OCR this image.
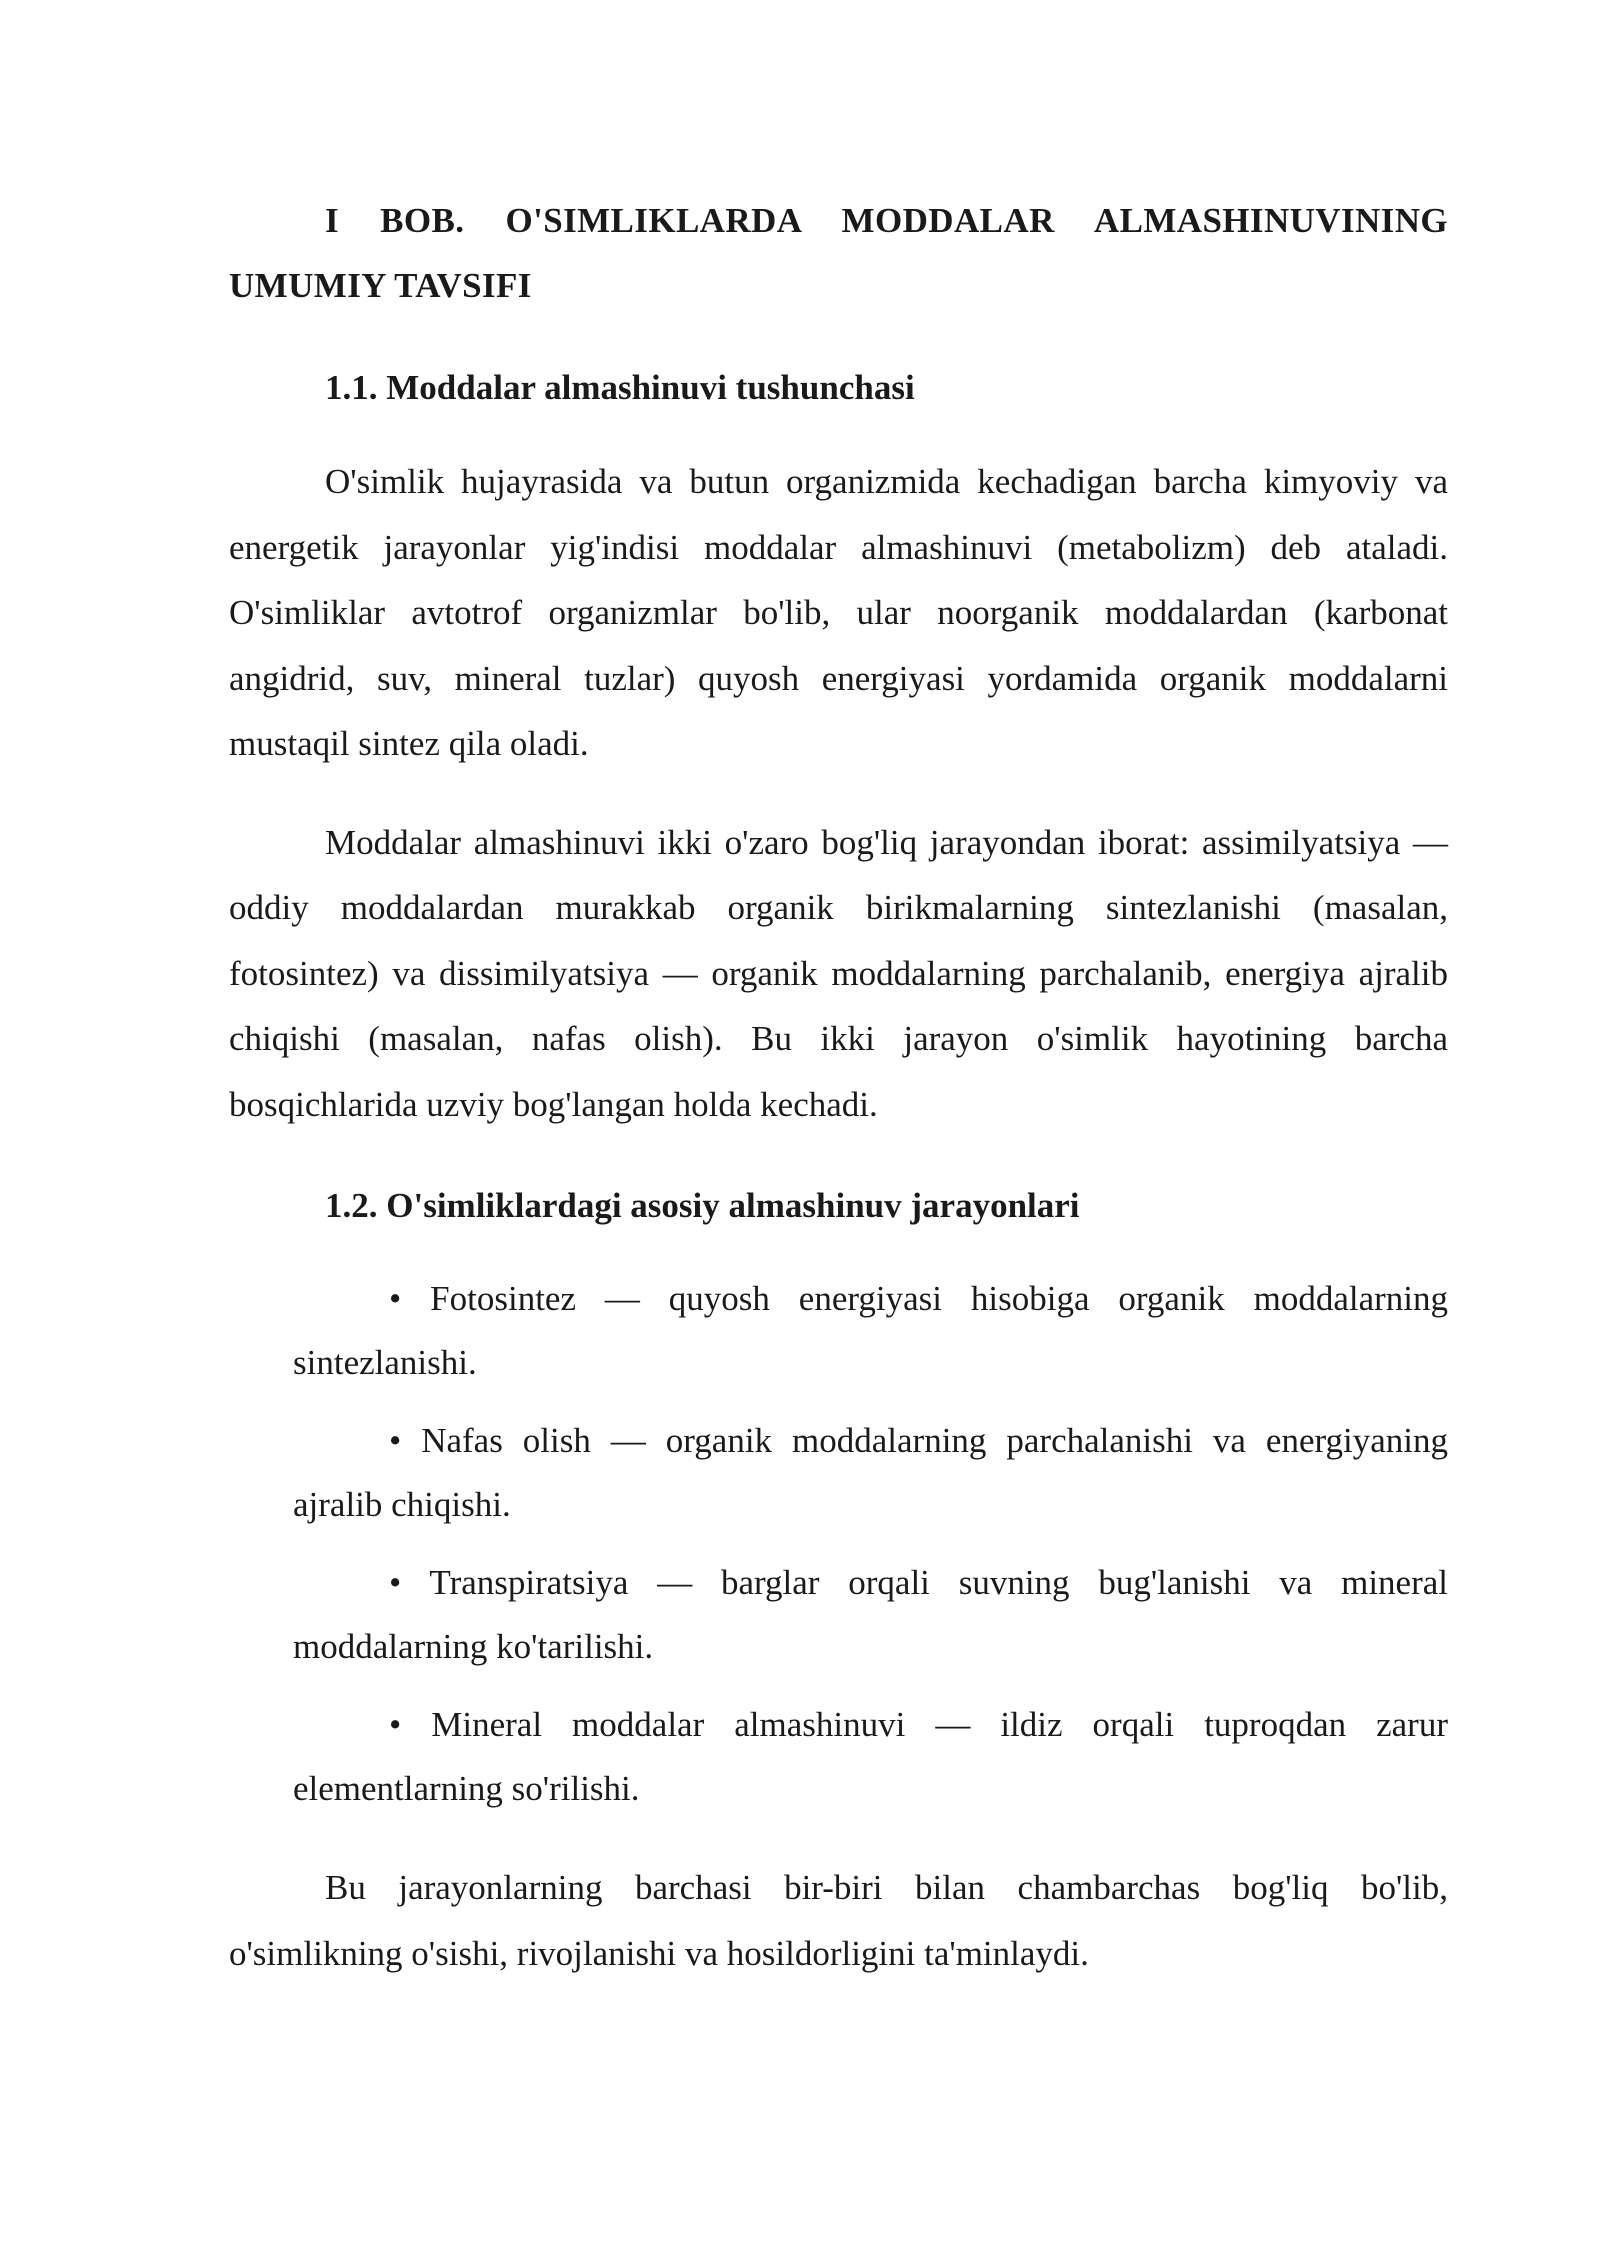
I BOB. O'SIMLIKLARDA MODDALAR ALMASHINUVINING UMUMIY TAVSIFI

1.1. Moddalar almashinuvi tushunchasi

O'simlik hujayrasida va butun organizmida kechadigan barcha kimyoviy va energetik jarayonlar yig'indisi moddalar almashinuvi (metabolizm) deb ataladi. O'simliklar avtotrof organizmlar bo'lib, ular noorganik moddalardan (karbonat angidrid, suv, mineral tuzlar) quyosh energiyasi yordamida organik moddalarni mustaqil sintez qila oladi.

Moddalar almashinuvi ikki o'zaro bog'liq jarayondan iborat: assimilyatsiya — oddiy moddalardan murakkab organik birikmalarning sintezlanishi (masalan, fotosintez) va dissimilyatsiya — organik moddalarning parchalanib, energiya ajralib chiqishi (masalan, nafas olish). Bu ikki jarayon o'simlik hayotining barcha bosqichlarida uzviy bog'langan holda kechadi.

1.2. O'simliklardagi asosiy almashinuv jarayonlari

• Fotosintez — quyosh energiyasi hisobiga organik moddalarning sintezlanishi.

• Nafas olish — organik moddalarning parchalanishi va energiyaning ajralib chiqishi.

• Transpiratsiya — barglar orqali suvning bug'lanishi va mineral moddalarning ko'tarilishi.

• Mineral moddalar almashinuvi — ildiz orqali tuproqdan zarur elementlarning so'rilishi.

Bu jarayonlarning barchasi bir-biri bilan chambarchas bog'liq bo'lib, o'simlikning o'sishi, rivojlanishi va hosildorligini ta'minlaydi.
